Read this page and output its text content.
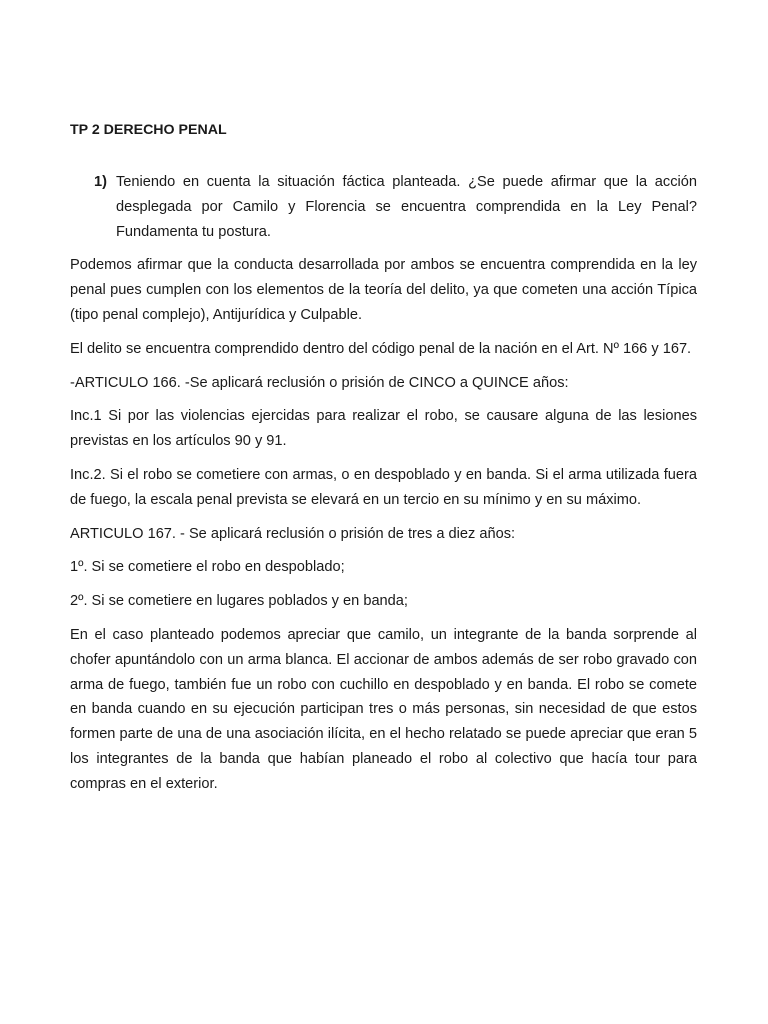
TP 2 DERECHO PENAL
1) Teniendo en cuenta la situación fáctica planteada. ¿Se puede afirmar que la acción desplegada por Camilo y Florencia se encuentra comprendida en la Ley Penal? Fundamenta tu postura.

Podemos afirmar que la conducta desarrollada por ambos se encuentra comprendida en la ley penal pues cumplen con los elementos de la teoría del delito, ya que cometen una acción Típica (tipo penal complejo), Antijurídica y Culpable.

El delito se encuentra comprendido dentro del código penal de la nación en el Art. Nº 166 y 167.

-ARTICULO 166. -Se aplicará reclusión o prisión de CINCO a QUINCE años:

Inc.1 Si por las violencias ejercidas para realizar el robo, se causare alguna de las lesiones previstas en los artículos 90 y 91.

Inc.2. Si el robo se cometiere con armas, o en despoblado y en banda. Si el arma utilizada fuera de fuego, la escala penal prevista se elevará en un tercio en su mínimo y en su máximo.

ARTICULO 167. - Se aplicará reclusión o prisión de tres a diez años:

1º. Si se cometiere el robo en despoblado;

2º. Si se cometiere en lugares poblados y en banda;

En el caso planteado podemos apreciar que camilo, un integrante de la banda sorprende al chofer apuntándolo con un arma blanca. El accionar de ambos además de ser robo gravado con arma de fuego, también fue un robo con cuchillo en despoblado y en banda. El robo se comete en banda cuando en su ejecución participan tres o más personas, sin necesidad de que estos formen parte de una de una asociación ilícita, en el hecho relatado se puede apreciar que eran 5 los integrantes de la banda que habían planeado el robo al colectivo que hacía tour para compras en el exterior.
